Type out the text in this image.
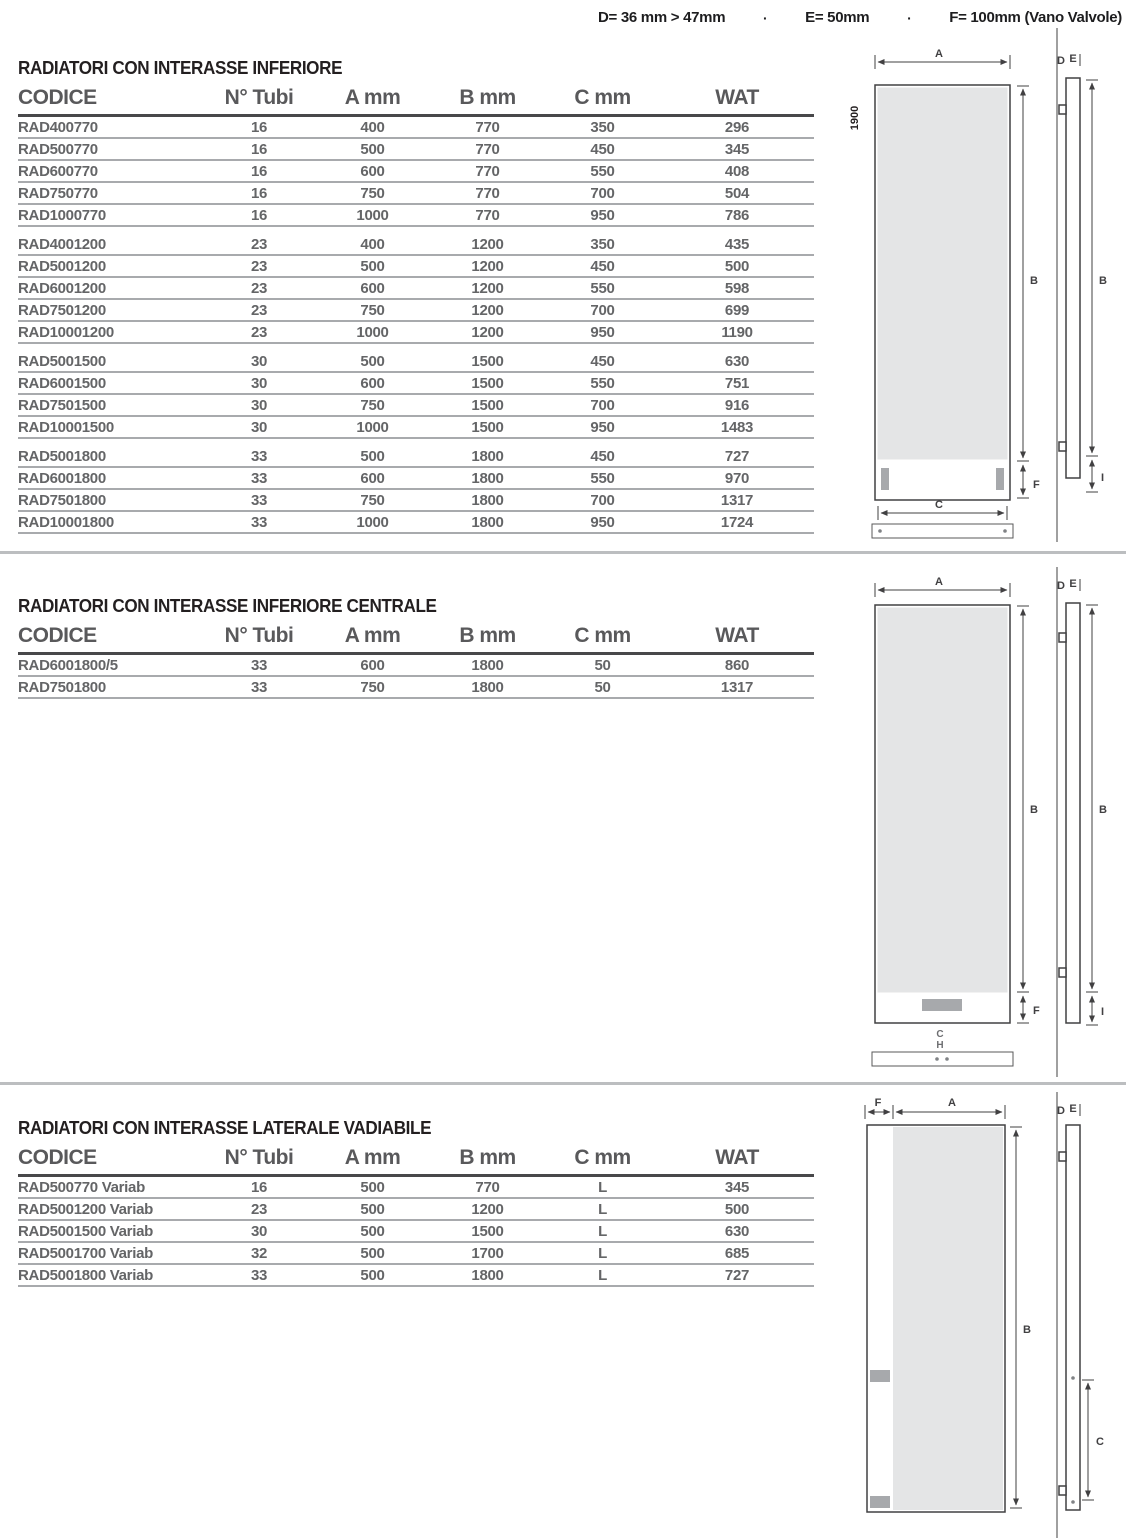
D= 36 mm > 47mm	·	E= 50mm	·	F= 100mm (Vano Valvole)
RADIATORI CON INTERASSE INFERIORE
CODICE	N° Tubi	A mm	B mm	C mm	WAT
RAD400770	16	400	770	350	296
RAD500770	16	500	770	450	345
RAD600770	16	600	770	550	408
RAD750770	16	750	770	700	504
RAD1000770	16	1000	770	950	786

RAD4001200	23	400	1200	350	435
RAD5001200	23	500	1200	450	500
RAD6001200	23	600	1200	550	598
RAD7501200	23	750	1200	700	699
RAD10001200	23	1000	1200	950	1190

RAD5001500	30	500	1500	450	630
RAD6001500	30	600	1500	550	751
RAD7501500	30	750	1500	700	916
RAD10001500	30	1000	1500	950	1483

RAD5001800	33	500	1800	450	727
RAD6001800	33	600	1800	550	970
RAD7501800	33	750	1800	700	1317
RAD10001800	33	1000	1800	950	1724
RADIATORI CON INTERASSE INFERIORE CENTRALE
CODICE	N° Tubi	A mm	B mm	C mm	WAT
RAD6001800/5	33	600	1800	50	860
RAD7501800	33	750	1800	50	1317
RADIATORI CON INTERASSE LATERALE VADIABILE
CODICE	N° Tubi	A mm	B mm	C mm	WAT
RAD500770 Variab	16	500	770	L	345
RAD5001200 Variab	23	500	1200	L	500
RAD5001500 Variab	30	500	1500	L	630
RAD5001700 Variab	32	500	1700	L	685
RAD5001800 Variab	33	500	1800	L	727
A
1900
B
F
C
D E
B
I
A
B
F
C
H
D E
B
I
F	A
B
D E
C
